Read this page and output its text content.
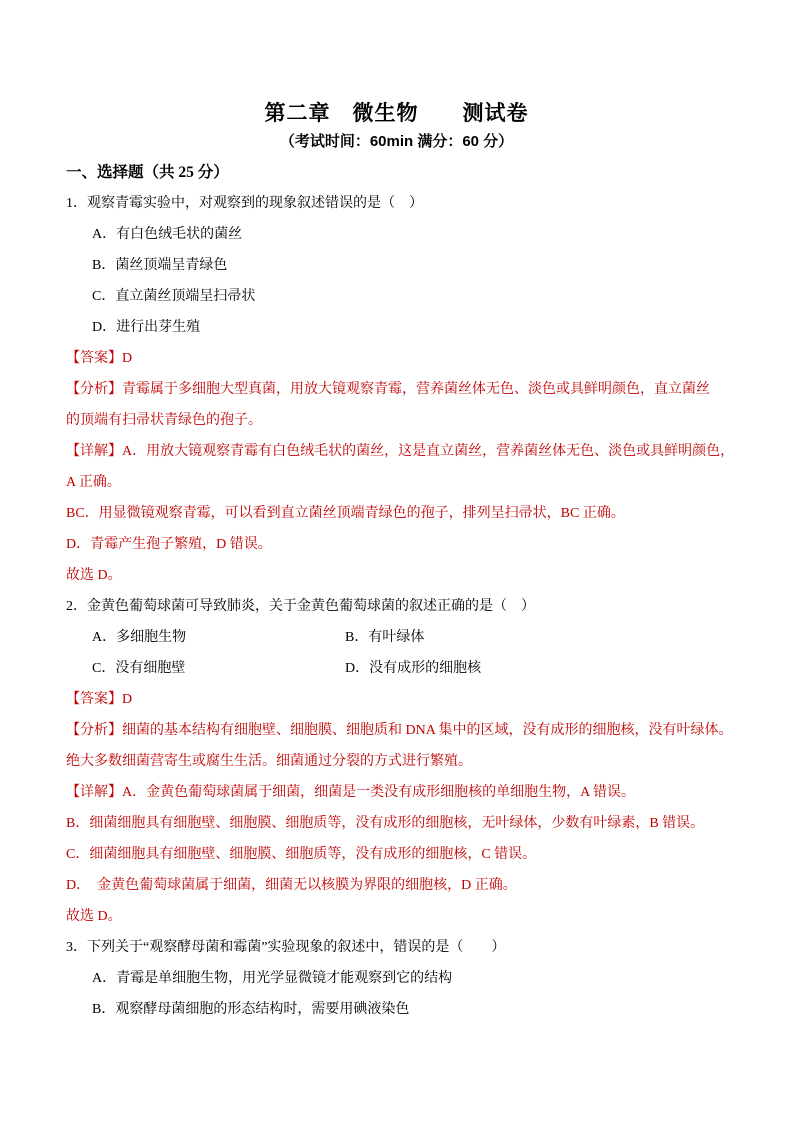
第二章　微生物　　测试卷
（考试时间：60min 满分：60 分）
一、选择题（共 25 分）
1．观察青霉实验中，对观察到的现象叙述错误的是（　）
A．有白色绒毛状的菌丝
B．菌丝顶端呈青绿色
C．直立菌丝顶端呈扫帚状
D．进行出芽生殖
【答案】D
【分析】青霉属于多细胞大型真菌，用放大镜观察青霉，营养菌丝体无色、淡色或具鲜明颜色，直立菌丝
的顶端有扫帚状青绿色的孢子。
【详解】A．用放大镜观察青霉有白色绒毛状的菌丝，这是直立菌丝，营养菌丝体无色、淡色或具鲜明颜色，
A 正确。
BC．用显微镜观察青霉，可以看到直立菌丝顶端青绿色的孢子，排列呈扫帚状，BC 正确。
D．青霉产生孢子繁殖，D 错误。
故选 D。
2．金黄色葡萄球菌可导致肺炎，关于金黄色葡萄球菌的叙述正确的是（　）
A．多细胞生物	B．有叶绿体
C．没有细胞壁	D．没有成形的细胞核
【答案】D
【分析】细菌的基本结构有细胞壁、细胞膜、细胞质和 DNA 集中的区域，没有成形的细胞核，没有叶绿体。
绝大多数细菌营寄生或腐生生活。细菌通过分裂的方式进行繁殖。
【详解】A．金黄色葡萄球菌属于细菌，细菌是一类没有成形细胞核的单细胞生物，A 错误。
B．细菌细胞具有细胞壁、细胞膜、细胞质等，没有成形的细胞核，无叶绿体，少数有叶绿素，B 错误。
C．细菌细胞具有细胞壁、细胞膜、细胞质等，没有成形的细胞核，C 错误。
D．  金黄色葡萄球菌属于细菌，细菌无以核膜为界限的细胞核，D 正确。
故选 D。
3．下列关于“观察酵母菌和霉菌”实验现象的叙述中，错误的是（　　）
A．青霉是单细胞生物，用光学显微镜才能观察到它的结构
B．观察酵母菌细胞的形态结构时，需要用碘液染色
